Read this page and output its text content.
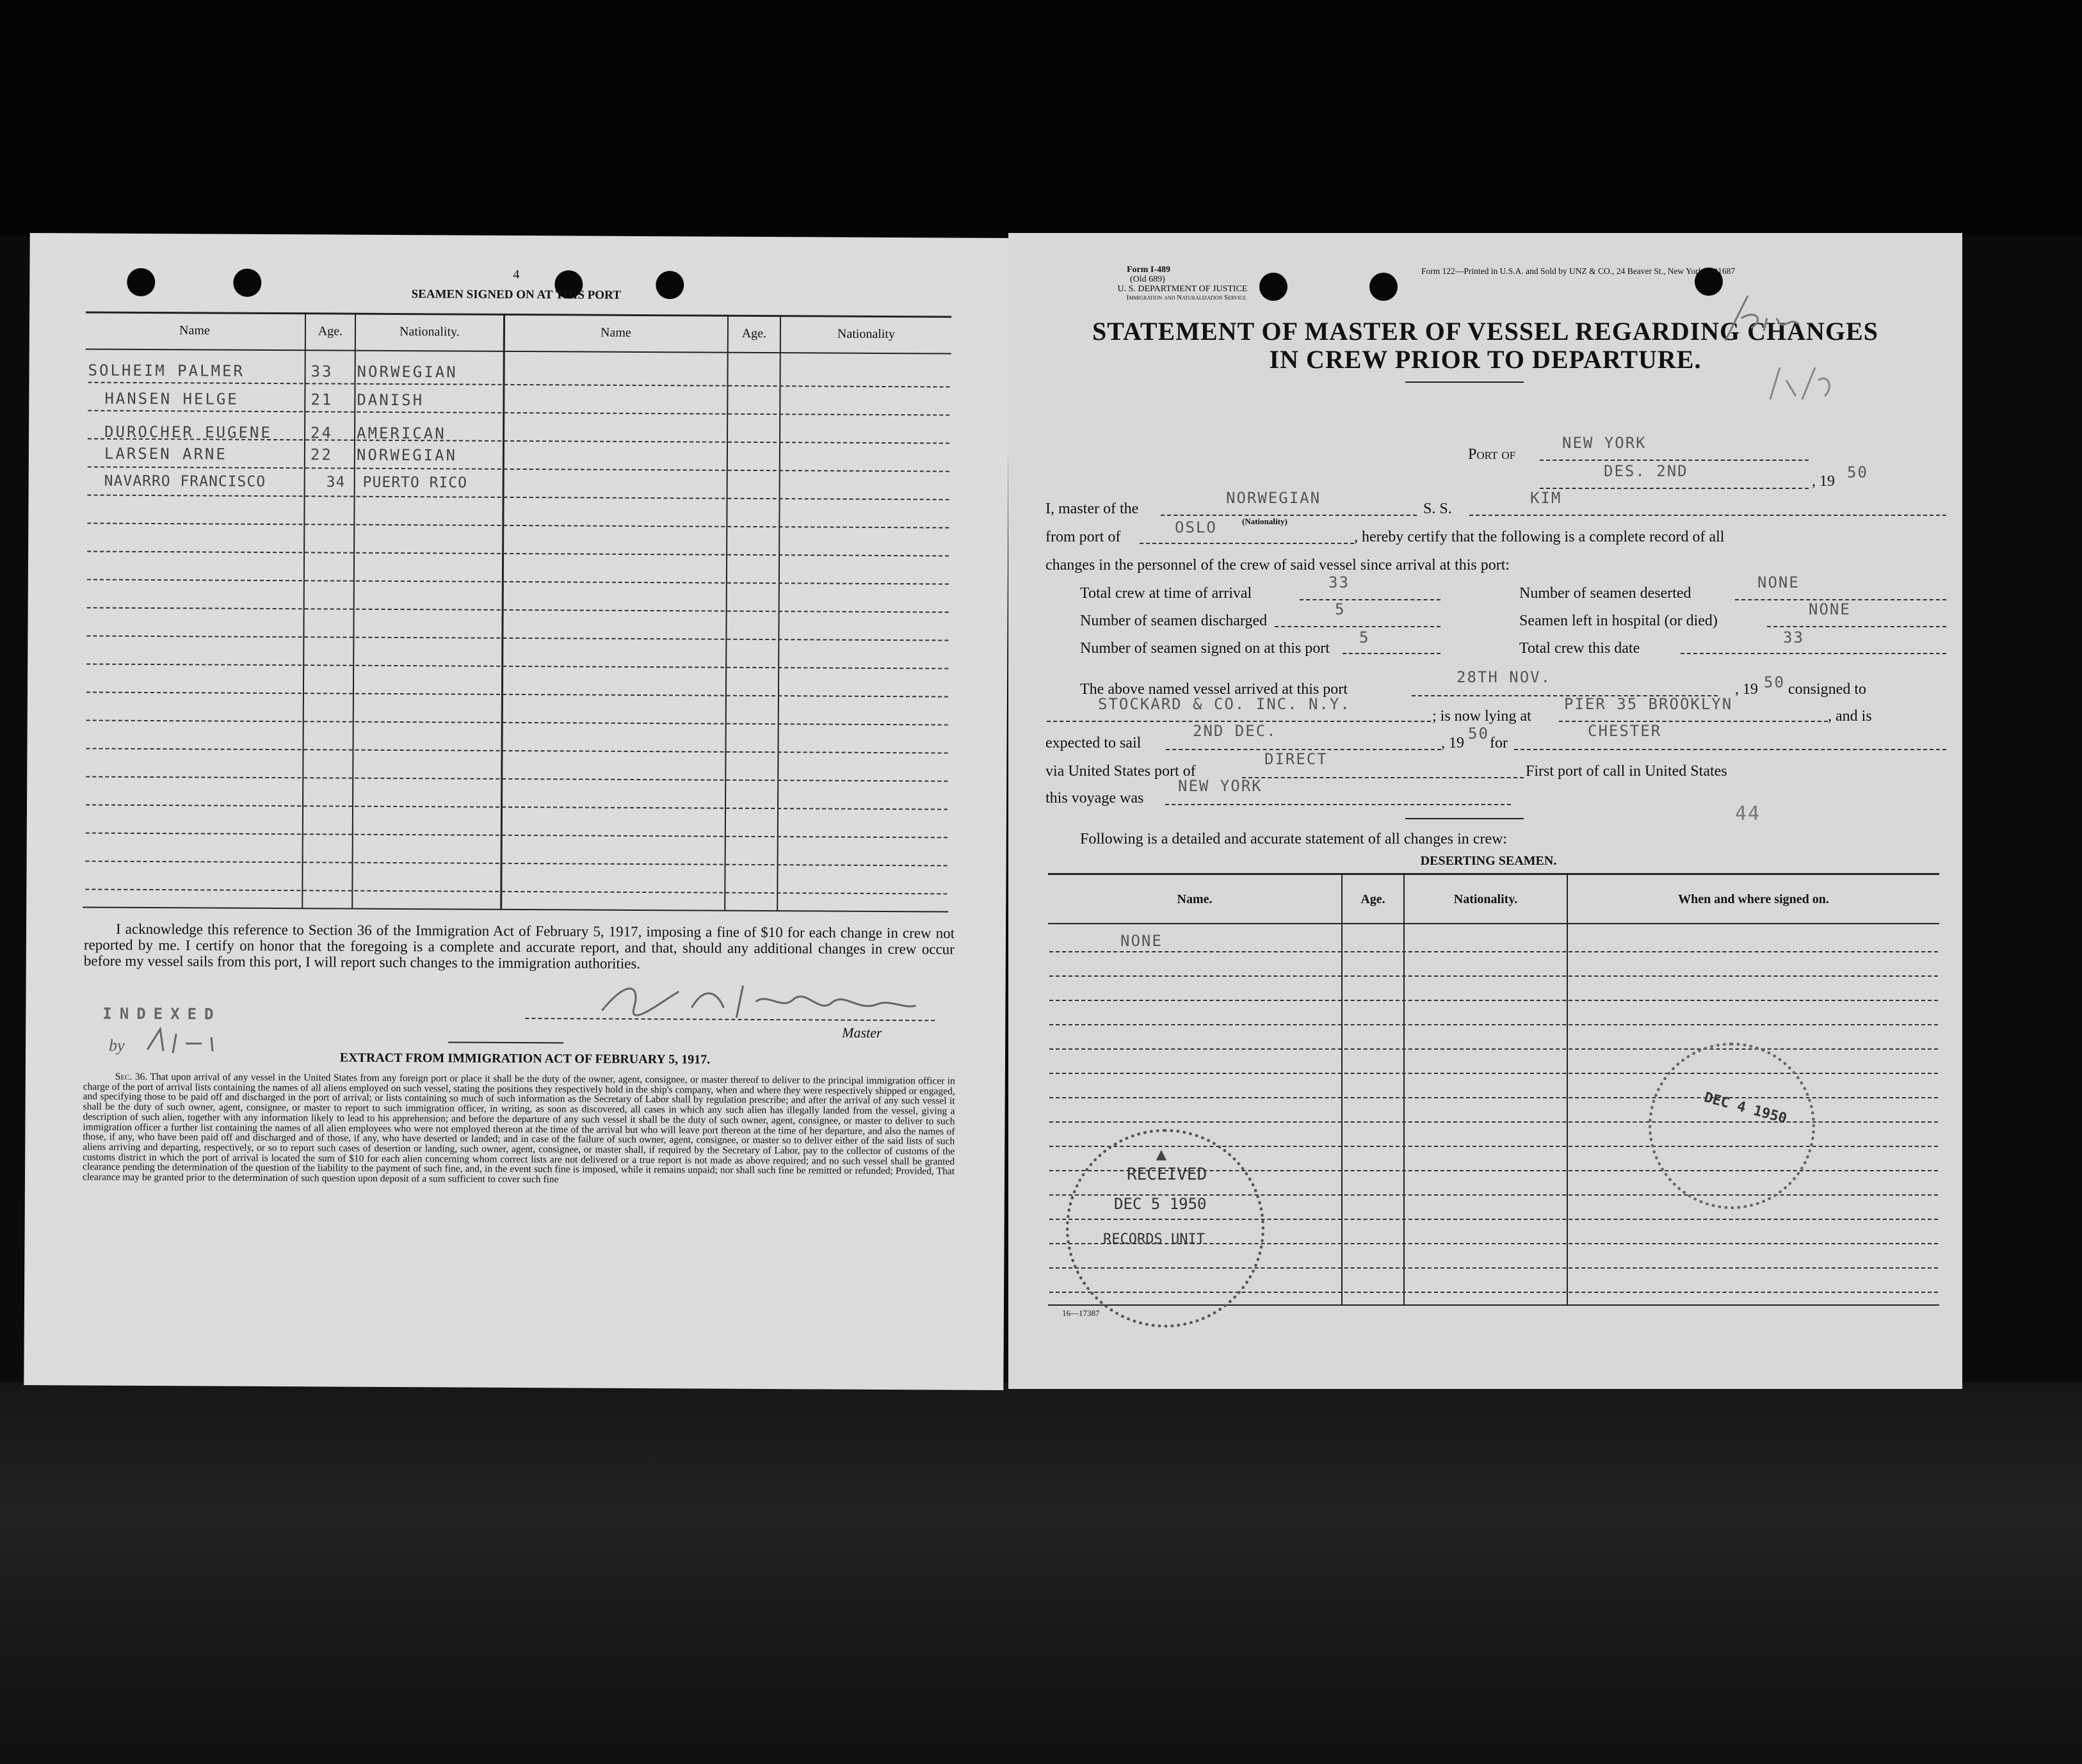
4
SEAMEN SIGNED ON AT THIS PORT
Name	Age.	Nationality.	Name	Age.	Nationality
SOLHEIM PALMER	33 NORWEGIAN
HANSEN HELGE	21 DANISH
DUROCHER EUGENE	24 AMERICAN
LARSEN ARNE	22 NORWEGIAN
NAVARRO FRANCISCO	34 PUERTO RICO
I acknowledge this reference to Section 36 of the Immigration Act of February 5, 1917, imposing a fine of $10 for each change in crew not reported by me. I certify on honor that the foregoing is a complete and accurate report, and that, should any additional changes in crew occur before my vessel sails from this port, I will report such changes to the immigration authorities.
Master
INDEXED
by
EXTRACT FROM IMMIGRATION ACT OF FEBRUARY 5, 1917.
Sec. 36. That upon arrival of any vessel in the United States from any foreign port or place it shall be the duty of the owner, agent, consignee, or master thereof to deliver to the principal immigration officer in charge of the port of arrival lists containing the names of all aliens employed on such vessel, stating the positions they respectively hold in the ship's company, when and where they were respectively shipped or engaged, and specifying those to be paid off and discharged in the port of arrival; or lists containing so much of such information as the Secretary of Labor shall by regulation prescribe; and after the arrival of any such vessel it shall be the duty of such owner, agent, consignee, or master to report to such immigration officer, in writing, as soon as discovered, all cases in which any such alien has illegally landed from the vessel, giving a description of such alien, together with any information likely to lead to his apprehension; and before the departure of any such vessel it shall be the duty of such owner, agent, consignee, or master to deliver to such immigration officer a further list containing the names of all alien employees who were not employed thereon at the time of the arrival but who will leave port thereon at the time of her departure, and also the names of those, if any, who have been paid off and discharged and of those, if any, who have deserted or landed; and in case of the failure of such owner, agent, consignee, or master so to deliver either of the said lists of such aliens arriving and departing, respectively, or so to report such cases of desertion or landing, such owner, agent, consignee, or master shall, if required by the Secretary of Labor, pay to the collector of customs of the customs district in which the port of arrival is located the sum of $10 for each alien concerning whom correct lists are not delivered or a true report is not made as above required; and no such vessel shall be granted clearance pending the determination of the question of the liability to the payment of such fine, and, in the event such fine is imposed, while it remains unpaid; nor shall such fine be remitted or refunded; Provided, That clearance may be granted prior to the determination of such question upon deposit of a sum sufficient to cover such fine
Form I-489
(Old 689)
U. S. DEPARTMENT OF JUSTICE
Immigration and Naturalization Service
Form 122—Printed in U.S.A. and Sold by UNZ & CO., 24 Beaver St., New York —41687
STATEMENT OF MASTER OF VESSEL REGARDING CHANGES
IN CREW PRIOR TO DEPARTURE.
Port of
NEW YORK
DES. 2ND
, 19 50
I, master of the
NORWEGIAN
(Nationality)
S. S.
KIM
from port of
OSLO
, hereby certify that the following is a complete record of all
changes in the personnel of the crew of said vessel since arrival at this port:
Total crew at time of arrival
33
Number of seamen deserted
NONE
Number of seamen discharged
5
Seamen left in hospital (or died)
NONE
Number of seamen signed on at this port
5
Total crew this date
33
The above named vessel arrived at this port
28TH NOV.
, 19 50 consigned to
STOCKARD & CO. INC. N.Y.
; is now lying at
PIER 35 BROOKLYN
, and is
expected to sail
2ND DEC.
, 19
50
for
CHESTER
via United States port of
DIRECT
First port of call in United States
this voyage was
NEW YORK
44
Following is a detailed and accurate statement of all changes in crew:
DESERTING SEAMEN.
Name.	Age.	Nationality.	When and where signed on.
NONE
▲
RECEIVED
DEC 5 1950
RECORDS UNIT
DEC 4 1950
16—17387
